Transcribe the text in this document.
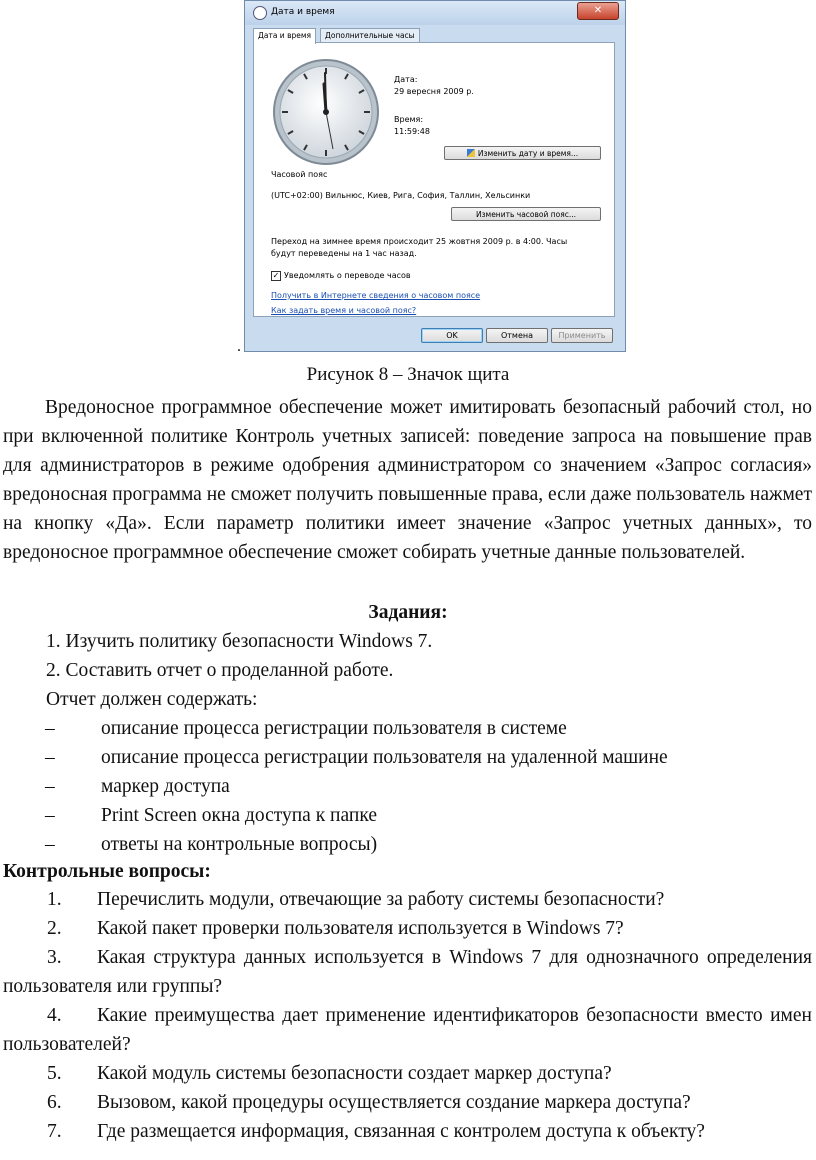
Дата и время	✕
Дата и время	Дополнительные часы
Дата:
29 вересня 2009 р.
Время:
11:59:48
Изменить дату и время...
Часовой пояс
(UTC+02:00) Вильнюс, Киев, Рига, София, Таллин, Хельсинки
Изменить часовой пояс...
Переход на зимнее время происходит 25 жовтня 2009 р. в 4:00. Часы
будут переведены на 1 час назад.
✓ Уведомлять о переводе часов
Получить в Интернете сведения о часовом поясе
Как задать время и часовой пояс?
OK	Отмена	Применить
.
Рисунок 8 – Значок щита

Вредоносное программное обеспечение может имитировать безопасный рабочий стол, но при включенной политике Контроль учетных записей: поведение запроса на повышение прав для администраторов в режиме одобрения администратором со значением «Запрос согласия» вредоносная программа не сможет получить повышенные права, если даже пользователь нажмет на кнопку «Да». Если параметр политики имеет значение «Запрос учетных данных», то вредоносное программное обеспечение сможет собирать учетные данные пользователей.

Задания:
1. Изучить политику безопасности Windows 7.
2. Составить отчет о проделанной работе.
Отчет должен содержать:
– описание процесса регистрации пользователя в системе
– описание процесса регистрации пользователя на удаленной машине
– маркер доступа
– Print Screen окна доступа к папке
– ответы на контрольные вопросы)
Контрольные вопросы:

1. Перечислить модули, отвечающие за работу системы безопасности?

2. Какой пакет проверки пользователя используется в Windows 7?

3. Какая структура данных используется в Windows 7 для однозначного определения пользователя или группы?

4. Какие преимущества дает применение идентификаторов безопасности вместо имен пользователей?

5. Какой модуль системы безопасности создает маркер доступа?

6. Вызовом, какой процедуры осуществляется создание маркера доступа?

7. Где размещается информация, связанная с контролем доступа к объекту?
